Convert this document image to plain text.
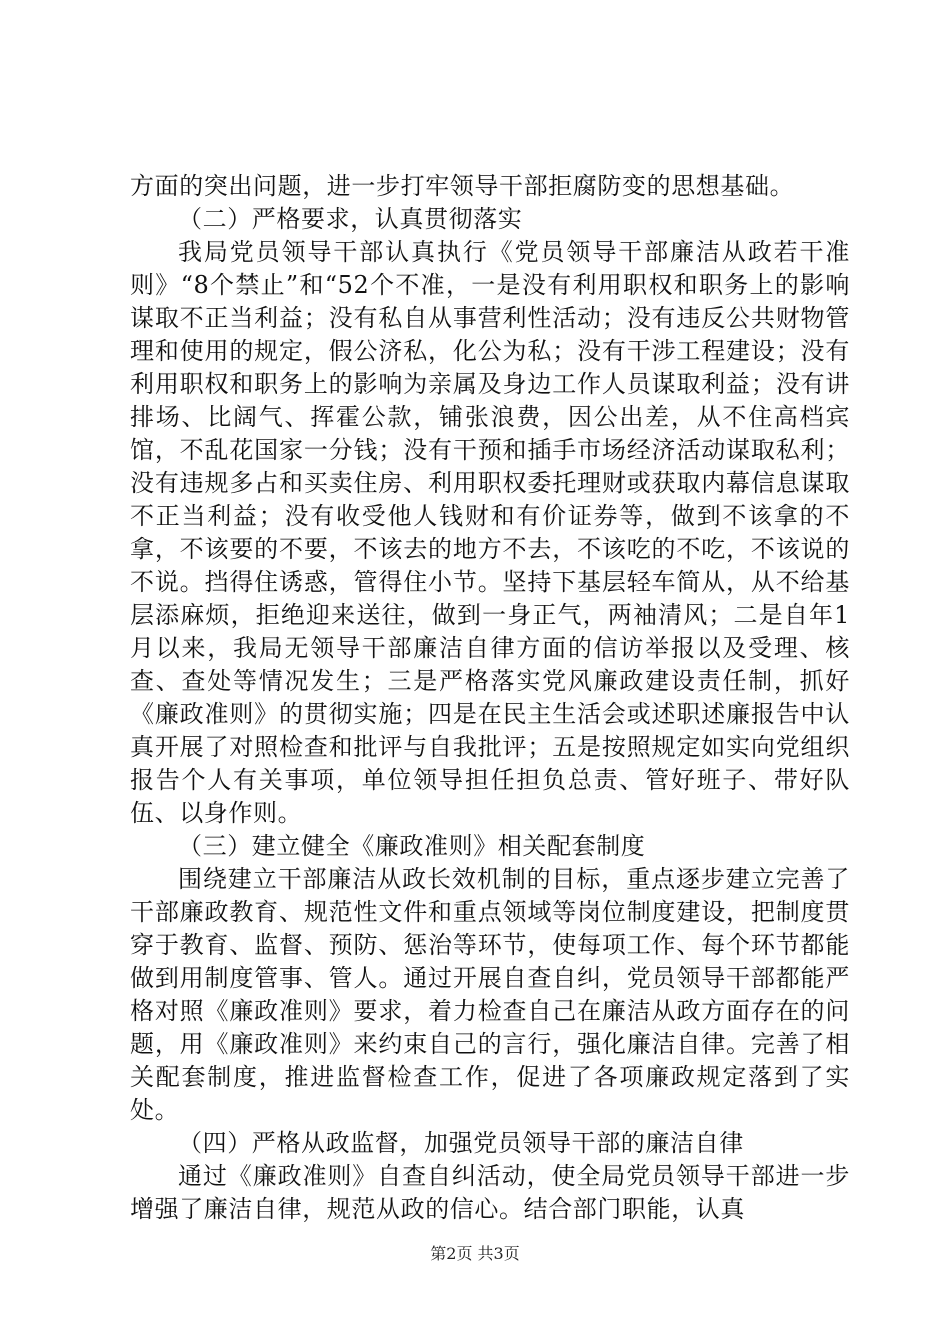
方面的突出问题，进一步打牢领导干部拒腐防变的思想基础。

（二）严格要求，认真贯彻落实

我局党员领导干部认真执行《党员领导干部廉洁从政若干准则》“8个禁止”和“52个不准，一是没有利用职权和职务上的影响谋取不正当利益；没有私自从事营利性活动；没有违反公共财物管理和使用的规定，假公济私，化公为私；没有干涉工程建设；没有利用职权和职务上的影响为亲属及身边工作人员谋取利益；没有讲排场、比阔气、挥霍公款，铺张浪费，因公出差，从不住高档宾馆，不乱花国家一分钱；没有干预和插手市场经济活动谋取私利；没有违规多占和买卖住房、利用职权委托理财或获取内幕信息谋取不正当利益；没有收受他人钱财和有价证券等，做到不该拿的不拿，不该要的不要，不该去的地方不去，不该吃的不吃，不该说的不说。挡得住诱惑，管得住小节。坚持下基层轻车简从，从不给基层添麻烦，拒绝迎来送往，做到一身正气，两袖清风；二是自年1月以来，我局无领导干部廉洁自律方面的信访举报以及受理、核查、查处等情况发生；三是严格落实党风廉政建设责任制，抓好《廉政准则》的贯彻实施；四是在民主生活会或述职述廉报告中认真开展了对照检查和批评与自我批评；五是按照规定如实向党组织报告个人有关事项，单位领导担任担负总责、管好班子、带好队伍、以身作则。

（三）建立健全《廉政准则》相关配套制度

围绕建立干部廉洁从政长效机制的目标，重点逐步建立完善了干部廉政教育、规范性文件和重点领域等岗位制度建设，把制度贯穿于教育、监督、预防、惩治等环节，使每项工作、每个环节都能做到用制度管事、管人。通过开展自查自纠，党员领导干部都能严格对照《廉政准则》要求，着力检查自己在廉洁从政方面存在的问题，用《廉政准则》来约束自己的言行，强化廉洁自律。完善了相关配套制度，推进监督检查工作，促进了各项廉政规定落到了实处。

（四）严格从政监督，加强党员领导干部的廉洁自律

通过《廉政准则》自查自纠活动，使全局党员领导干部进一步增强了廉洁自律，规范从政的信心。结合部门职能，认真

第2页 共3页
